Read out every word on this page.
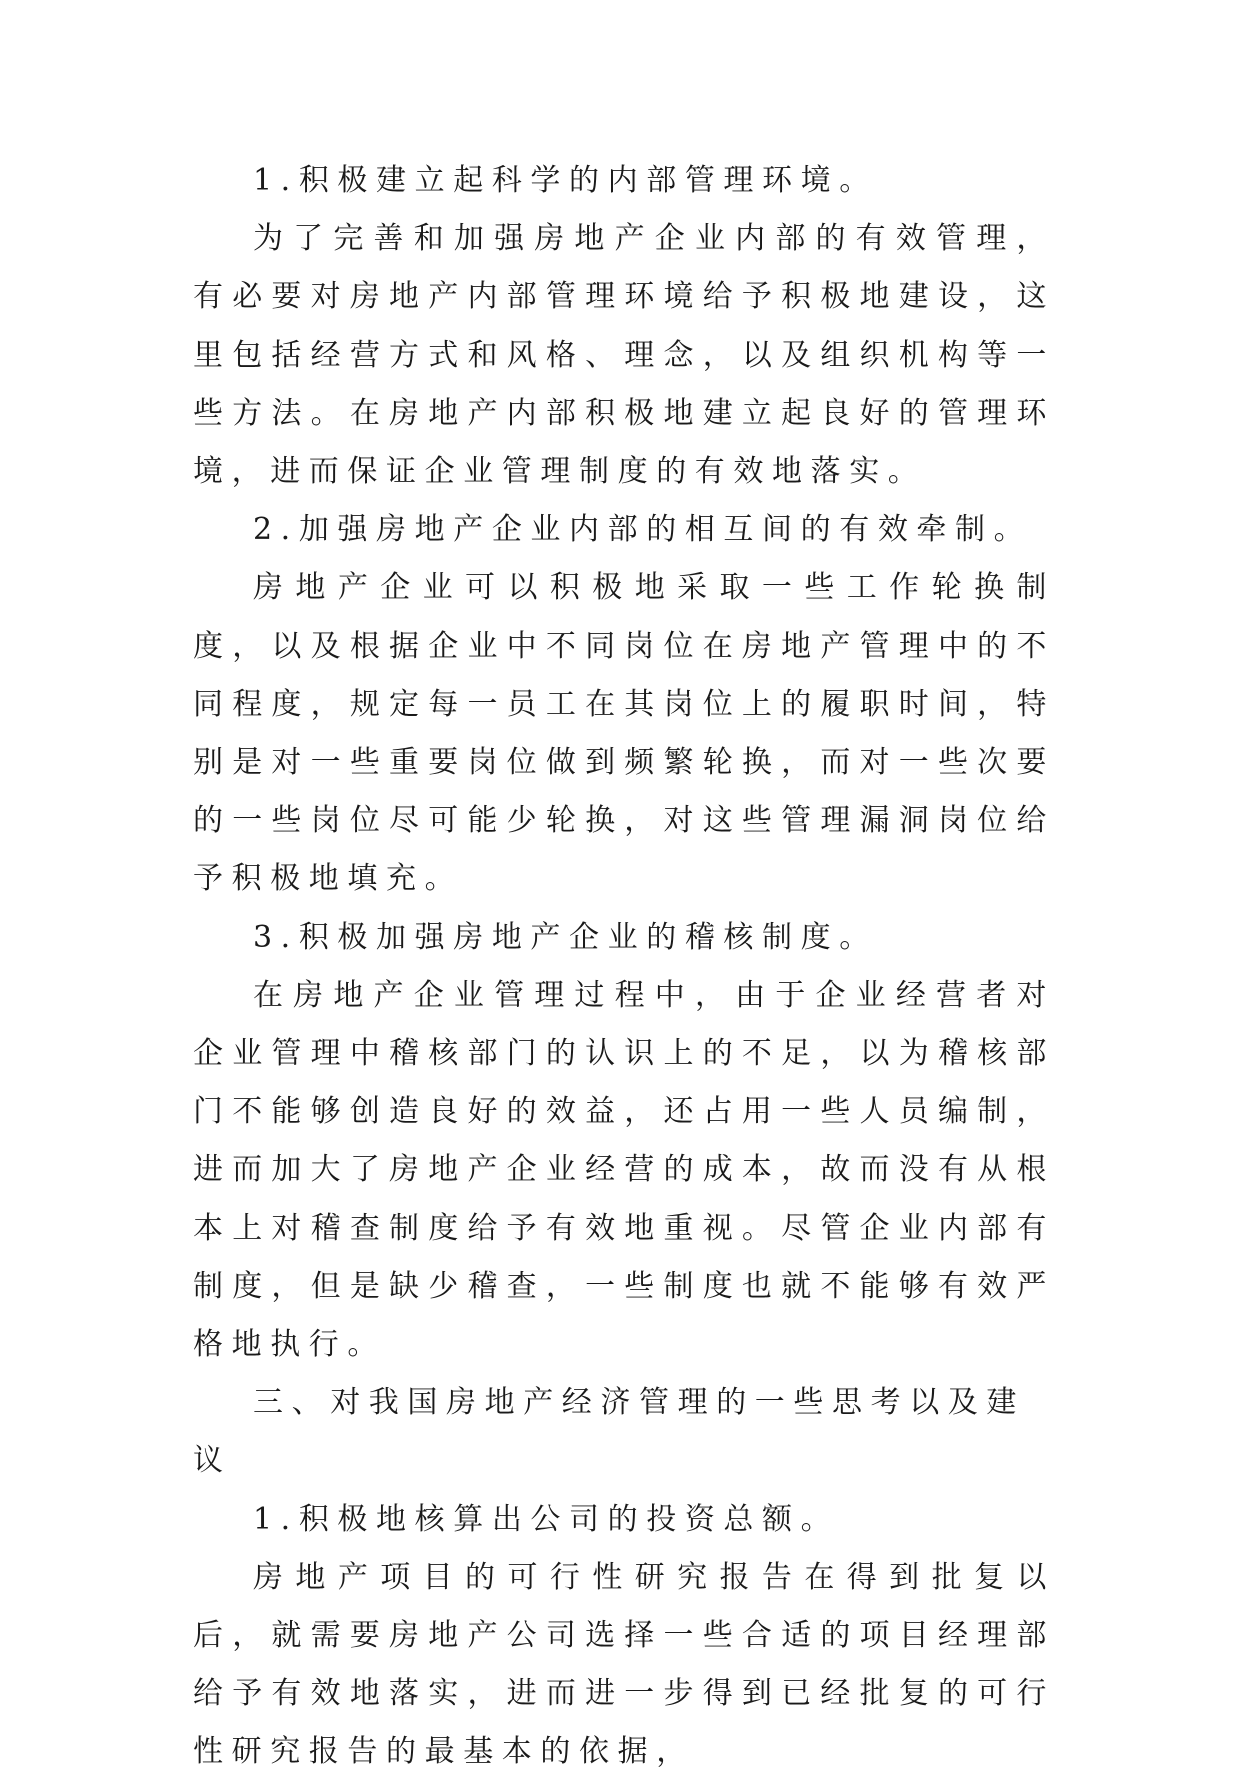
1.积极建立起科学的内部管理环境。

为了完善和加强房地产企业内部的有效管理，有必要对房地产内部管理环境给予积极地建设，这里包括经营方式和风格、理念，以及组织机构等一些方法。在房地产内部积极地建立起良好的管理环境，进而保证企业管理制度的有效地落实。

2.加强房地产企业内部的相互间的有效牵制。

房地产企业可以积极地采取一些工作轮换制度，以及根据企业中不同岗位在房地产管理中的不同程度，规定每一员工在其岗位上的履职时间，特别是对一些重要岗位做到频繁轮换，而对一些次要的一些岗位尽可能少轮换，对这些管理漏洞岗位给予积极地填充。

3.积极加强房地产企业的稽核制度。

在房地产企业管理过程中，由于企业经营者对企业管理中稽核部门的认识上的不足，以为稽核部门不能够创造良好的效益，还占用一些人员编制，进而加大了房地产企业经营的成本，故而没有从根本上对稽查制度给予有效地重视。尽管企业内部有制度，但是缺少稽查，一些制度也就不能够有效严格地执行。

三、对我国房地产经济管理的一些思考以及建议

1.积极地核算出公司的投资总额。

房地产项目的可行性研究报告在得到批复以后，就需要房地产公司选择一些合适的项目经理部给予有效地落实，进而进一步得到已经批复的可行性研究报告的最基本的依据，
